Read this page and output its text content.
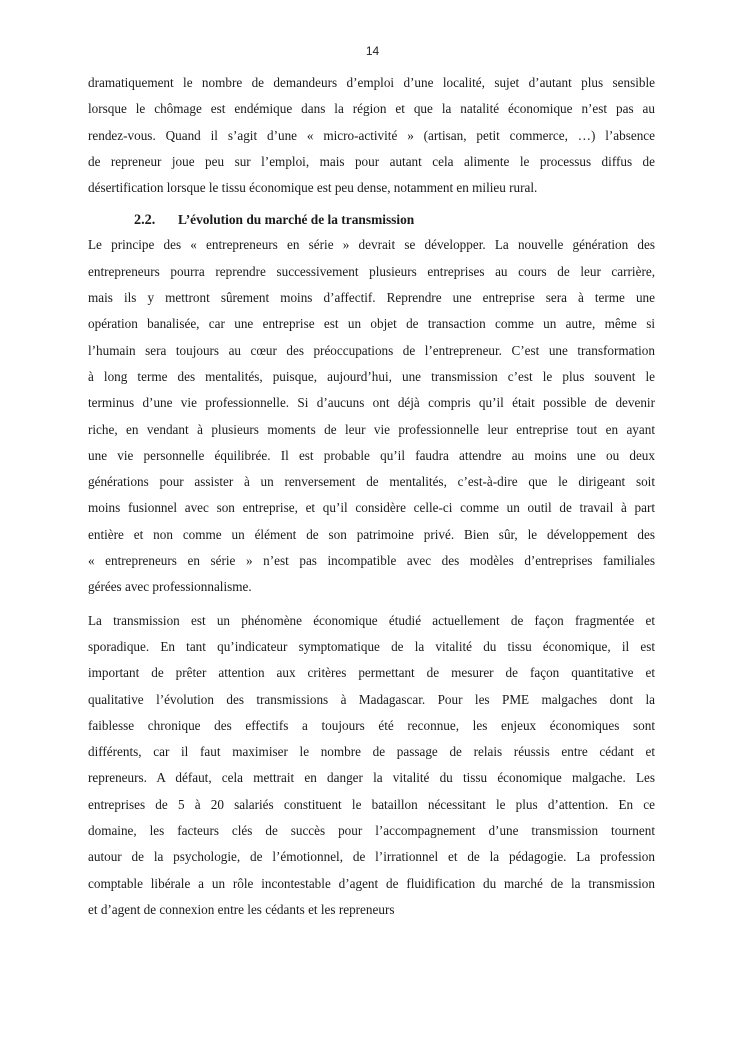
14

dramatiquement le nombre de demandeurs d’emploi d’une localité, sujet d’autant plus sensible
lorsque le chômage est endémique dans la région et que la natalité économique n’est pas au
rendez-vous. Quand il s’agit d’une « micro-activité » (artisan, petit commerce, …) l’absence
de repreneur joue peu sur l’emploi, mais pour autant cela alimente le processus diffus de
désertification lorsque le tissu économique est peu dense, notamment en milieu rural.

2.2.	L’évolution du marché de la transmission

Le principe des « entrepreneurs en série » devrait se développer. La nouvelle génération des
entrepreneurs pourra reprendre successivement plusieurs entreprises au cours de leur carrière,
mais ils y mettront sûrement moins d’affectif. Reprendre une entreprise sera à terme une
opération banalisée, car une entreprise est un objet de transaction comme un autre, même si
l’humain sera toujours au cœur des préoccupations de l’entrepreneur. C’est une transformation
à long terme des mentalités, puisque, aujourd’hui, une transmission c’est le plus souvent le
terminus d’une vie professionnelle. Si d’aucuns ont déjà compris qu’il était possible de devenir
riche, en vendant à plusieurs moments de leur vie professionnelle leur entreprise tout en ayant
une vie personnelle équilibrée. Il est probable qu’il faudra attendre au moins une ou deux
générations pour assister à un renversement de mentalités, c’est-à-dire que le dirigeant soit
moins fusionnel avec son entreprise, et qu’il considère celle-ci comme un outil de travail à part
entière et non comme un élément de son patrimoine privé. Bien sûr, le développement des
« entrepreneurs en série » n’est pas incompatible avec des modèles d’entreprises familiales
gérées avec professionnalisme.

La transmission est un phénomène économique étudié actuellement de façon fragmentée et
sporadique. En tant qu’indicateur symptomatique de la vitalité du tissu économique, il est
important de prêter attention aux critères permettant de mesurer de façon quantitative et
qualitative l’évolution des transmissions à Madagascar. Pour les PME malgaches dont la
faiblesse chronique des effectifs a toujours été reconnue, les enjeux économiques sont
différents, car il faut maximiser le nombre de passage de relais réussis entre cédant et
repreneurs. A défaut, cela mettrait en danger la vitalité du tissu économique malgache. Les
entreprises de 5 à 20 salariés constituent le bataillon nécessitant le plus d’attention. En ce
domaine, les facteurs clés de succès pour l’accompagnement d’une transmission tournent
autour de la psychologie, de l’émotionnel, de l’irrationnel et de la pédagogie. La profession
comptable libérale a un rôle incontestable d’agent de fluidification du marché de la transmission
et d’agent de connexion entre les cédants et les repreneurs
